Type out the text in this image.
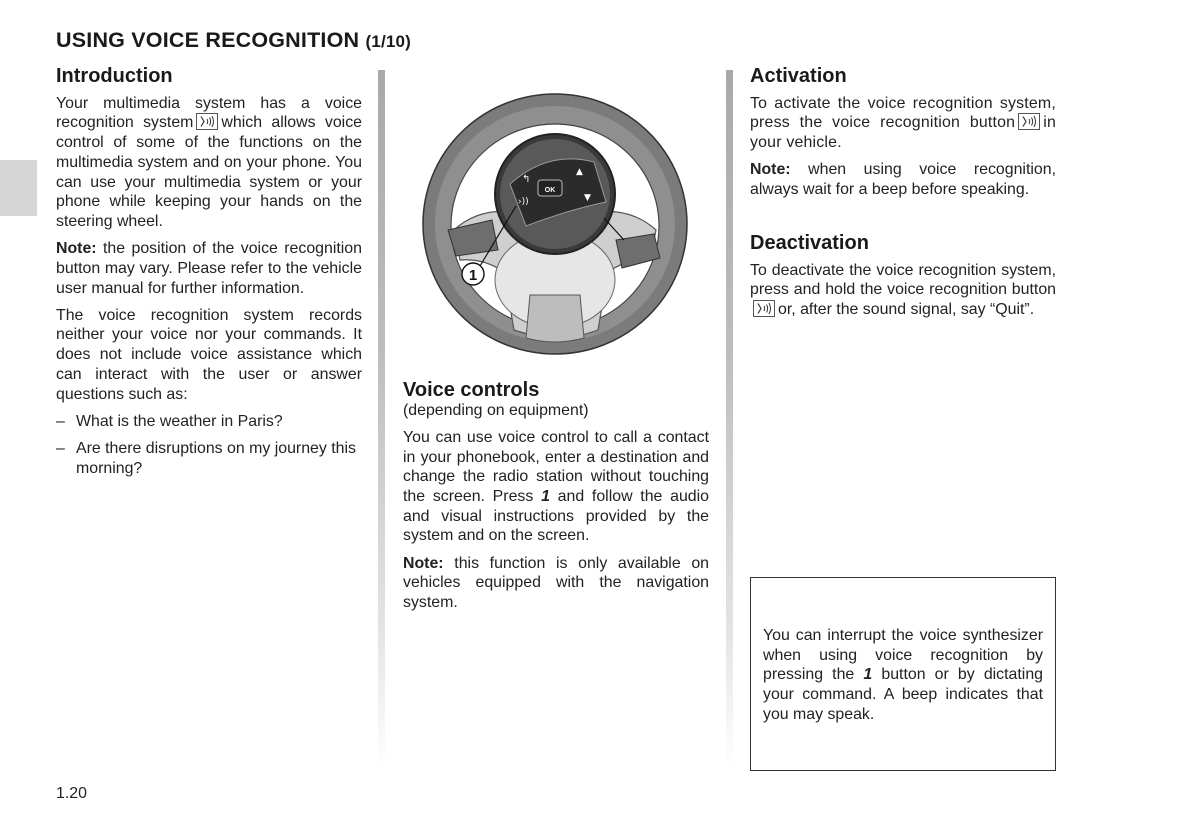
USING VOICE RECOGNITION (1/10)
Introduction

Your multimedia system has a voice recognition system which allows voice control of some of the functions on the multimedia system and on your phone. You can use your multimedia system or your phone while keeping your hands on the steering wheel.

Note: the position of the voice recognition button may vary. Please refer to the vehicle user manual for further information.

The voice recognition system records neither your voice nor your commands. It does not include voice assistance which can interact with the user or answer questions such as:

– What is the weather in Paris?

– Are there disruptions on my journey this morning?

OK
↰
›))
▲
▼
1
Voice controls

(depending on equipment)

You can use voice control to call a contact in your phonebook, enter a destination and change the radio station without touching the screen. Press 1 and follow the audio and visual instructions provided by the system and on the screen.

Note: this function is only available on vehicles equipped with the navigation system.

Activation

To activate the voice recognition system, press the voice recognition button in your vehicle.

Note: when using voice recognition, always wait for a beep before speaking.

Deactivation

To deactivate the voice recognition system, press and hold the voice recognition button
or, after the sound signal, say “Quit”.

You can interrupt the voice synthesizer when using voice recognition by pressing the 1 button or by dictating your command. A beep indicates that you may speak.

1.20
